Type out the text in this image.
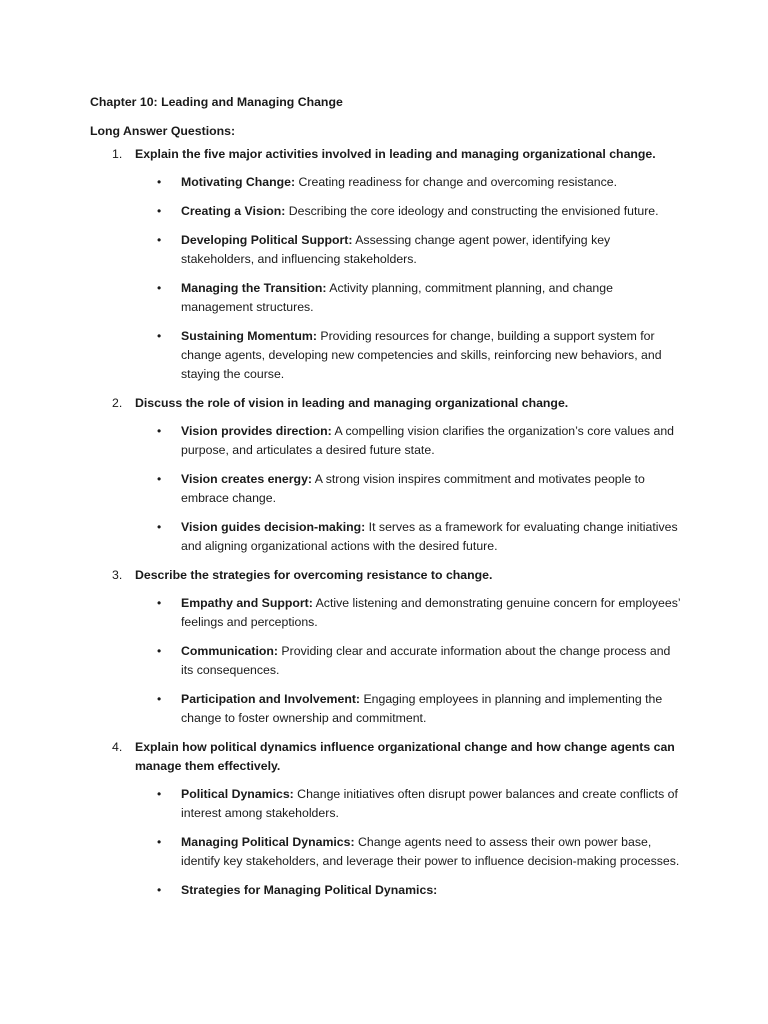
Chapter 10: Leading and Managing Change
Long Answer Questions:
1. Explain the five major activities involved in leading and managing organizational change.
• Motivating Change: Creating readiness for change and overcoming resistance.
• Creating a Vision: Describing the core ideology and constructing the envisioned future.
• Developing Political Support: Assessing change agent power, identifying key stakeholders, and influencing stakeholders.
• Managing the Transition: Activity planning, commitment planning, and change management structures.
• Sustaining Momentum: Providing resources for change, building a support system for change agents, developing new competencies and skills, reinforcing new behaviors, and staying the course.
2. Discuss the role of vision in leading and managing organizational change.
• Vision provides direction: A compelling vision clarifies the organization’s core values and purpose, and articulates a desired future state.
• Vision creates energy: A strong vision inspires commitment and motivates people to embrace change.
• Vision guides decision-making: It serves as a framework for evaluating change initiatives and aligning organizational actions with the desired future.
3. Describe the strategies for overcoming resistance to change.
• Empathy and Support: Active listening and demonstrating genuine concern for employees’ feelings and perceptions.
• Communication: Providing clear and accurate information about the change process and its consequences.
• Participation and Involvement: Engaging employees in planning and implementing the change to foster ownership and commitment.
4. Explain how political dynamics influence organizational change and how change agents can manage them effectively.
• Political Dynamics: Change initiatives often disrupt power balances and create conflicts of interest among stakeholders.
• Managing Political Dynamics: Change agents need to assess their own power base, identify key stakeholders, and leverage their power to influence decision-making processes.
• Strategies for Managing Political Dynamics:
